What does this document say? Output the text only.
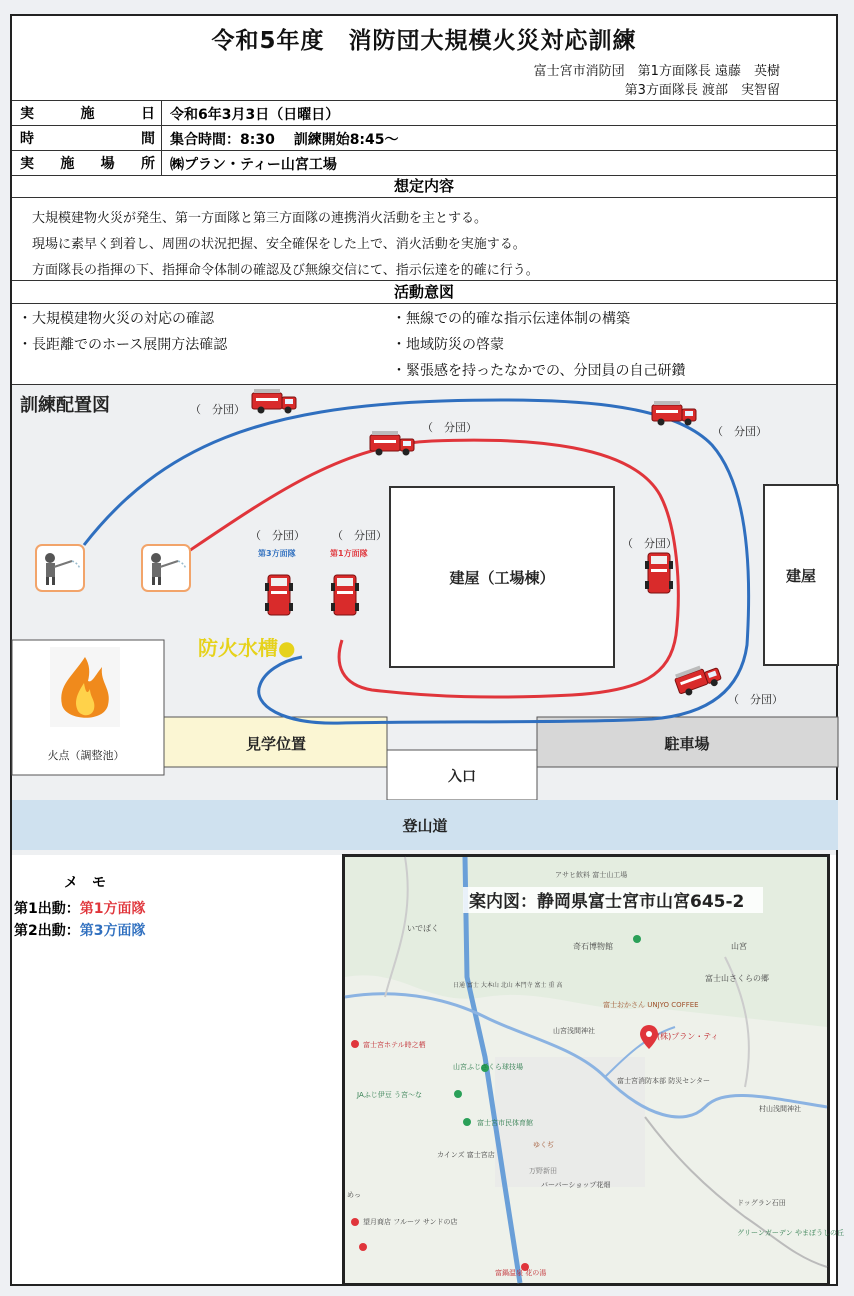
令和5年度　消防団大規模火災対応訓練
富士宮市消防団　第1方面隊長 遠藤　英樹
第3方面隊長 渡部　実智留
実	施	日 令和6年3月3日（日曜日）
時	間 集合時間：8:30　 訓練開始8:45〜
実 施 場 所 ㈱プラン・ティー山宮工場
想定内容
大規模建物火災が発生、第一方面隊と第三方面隊の連携消火活動を主とする。
現場に素早く到着し、周囲の状況把握、安全確保をした上で、消火活動を実施する。
方面隊長の指揮の下、指揮命令体制の確認及び無線交信にて、指示伝達を的確に行う。
活動意図
・大規模建物火災の対応の確認
・長距離でのホース展開方法確認
・無線での的確な指示伝達体制の構築
・地域防災の啓蒙
・緊張感を持ったなかでの、分団員の自己研鑽
訓練配置図	（　分団）
（　分団）
（　分団）
（　分団）
（　分団）
（　分団） （　分団）
第3方面隊	第1方面隊
防火水槽●
建屋（工場棟）	建屋
火点（調整池）
見学位置	駐車場
入口
登山道
メ　モ
第1出動：第1方面隊
第2出動：第3方面隊
案内図：静岡県富士宮市山宮645-2
アサヒ飲料 富士山工場
いでばく
奇石博物館	山宮
富士山さくらの郷
富士おかさん UNJYO COFFEE
山宮浅間神社
(株)プラン・ティ
富士宮ホテル時之栖
山宮ふじざくら球技場
JAふじ伊豆 う宮〜な
富士宮市民体育館
富士宮消防本部 防災センター
カインズ 富士宮店
ゆくぢ
日通 富士 大本山 北山 本門寺 富士 重 高
バーバーショップ花畑
万野新田
村山浅間神社
グリーンガーデン やまぼうしの丘
ドッグラン石田
望月商店 フルーツ サンドの店
富鍋温泉 花の湯
めっ
